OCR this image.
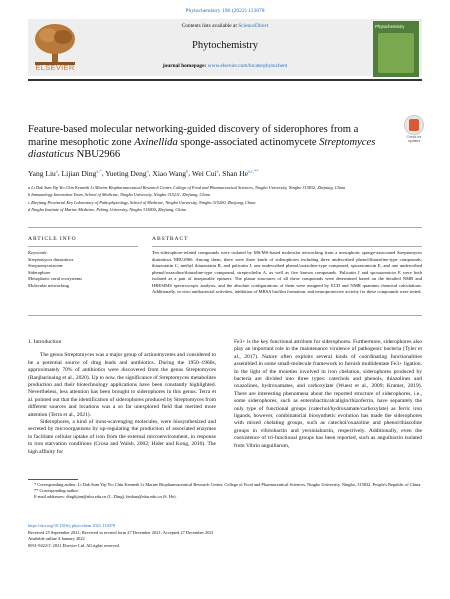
Phytochemistry 196 (2022) 113078
ELSEVIER
Contents lists available at ScienceDirect
Phytochemistry
journal homepage: www.elsevier.com/locate/phytochem
Phytochemistry
Feature-based molecular networking-guided discovery of siderophores from a marine mesophotic zone Axinellida sponge-associated actinomycete Streptomyces diastaticus NBU2966
Check for updates
Yang Liu$^a$, Lijian Ding$^{a,*}$, Yueting Deng$^a$, Xiao Wang$^b$, Wei Cui$^a$, Shan $He^{a,c,**}$
a Li Dak Sum Yip Yio Chin Kenneth Li Marine Biopharmaceutical Research Center, College of Food and Pharmaceutical Sciences, Ningbo University, Ningbo 315832, Zhejiang, China
b Immunology Innovation Team, School of Medicine, Ningbo University, Ningbo 315211, Zhejiang, China
c Zhejiang Provincial Key Laboratory of Pathophysiology, School of Medicine, Ningbo University, Ningbo 315200, Zhejiang, China
d Ningbo Institute of Marine Medicine, Peking University, Ningbo 315800, Zhejiang, China
ARTICLE INFO	ABSTRACT
Keywords:
Streptomyces diastaticus
Streptomycetaceae
Siderophore
Mesophotic coral ecosystems
Molecular networking
Ten siderophore-related compounds were isolated by MS/MS-based molecular networking from a mesophotic sponge-associated Streptomyces diastaticus NBU2966. Among them, there were three kinds of siderophores including three undescribed phenol/thiazoline-type compounds, thiazostatin C, methyl thiazostatin B, and pulicatin J, one undescribed phenol/oxazoline-type compound, spoxazomicin E, and one undescribed phenol/oxazoline/thiazoline-type compound, streptochelin A, as well as five known compounds. Pulicatin J and spoxazomicin E were both isolated as a pair of inseparable epimers. The planar structures of all these compounds were determined based on the detailed NMR and HRESIMS spectroscopic analysis, and the absolute configurations of them were assigned by ECD and NMR quantum chemical calculations. Additionally, in vitro antibacterial activities, inhibition of MRSA biofilm formation, and neuroprotective activity for these compounds were tested.
1. Introduction

The genus Streptomyces was a major group of actinomycetes and considered to be a potential source of drug leads and antibiotics. During the 1950–1960s, approximately 70% of antibiotics were discovered from the genus Streptomyces (Ranjbarinaing et al., 2020). Up to now, the significance of Streptomyces metabolites production and their biotechnology applications have been constantly highlighted. Nevertheless, less attention has been brought to siderophores in this genus. Terra et al. pointed out that the identification of siderophores produced by Streptomyces from different sources and locations was a so far unexplored field that merited more attention (Terra et al., 2021).

Siderophores, a kind of irons-scavenging molecules, were biosynthesized and secreted by microorganisms by up-regulating the production of associated enzymes to facilitate cellular uptake of iron from the external microenvironment, in response to iron starvation conditions (Crosa and Walsh, 2002; Hider and Kong, 2010). The high affinity for

Fe3+ is the key functional attribute for siderophores. Furthermore, siderophores also play an important role in the maintenance virulence of pathogenic bacteria (Tyler et al., 2017). Nature often exploits several kinds of coordinating functionalities assembled in some small-molecule framework to furnish multidentate Fe3+ ligation. In the light of the moieties involved in iron chelation, siderophores produced by bacteria are divided into three types: catechols and phenols, thiazolines and oxazolines, hydroxamates, and carboxylate (Wuest et al., 2009; Kramer, 2019). There are interesting phenomena about the reported structure of siderophores, i.e., some siderophores, such as enterobactin/alcaligin/rhizoferrin, have separately the only type of functional groups (catechol/hydroxamate/carboxylate) as ferric iron ligands, however, combinatorial biosynthetic evolution has made the siderophores with mixed chelating groups, such as catechol/oxazoline and phenol/thiazoline groups in vibriobactin and yersiniabactin, respectively. Additionally, even the coexistence of tri-functional groups has been reported, such as anguibactin isolated from Vibrio anguillarum,

* Corresponding author. Li Dak Sum Yip Yio Chin Kenneth Li Marine Biopharmaceutical Research Center, College of Food and Pharmaceutical Sciences, Ningbo University, Ningbo, 315832, People's Republic of China.

** Corresponding author.

E-mail addresses: dinglijian@nbu.edu.cn (L. Ding), heshan@nbu.edu.cn (S. He).

https://doi.org/10.1016/j.phytochem.2021.113078
Received 25 September 2021; Received in revised form 27 December 2021; Accepted 27 December 2021
Available online 4 January 2022
0031-9422/© 2021 Elsevier Ltd. All rights reserved.
